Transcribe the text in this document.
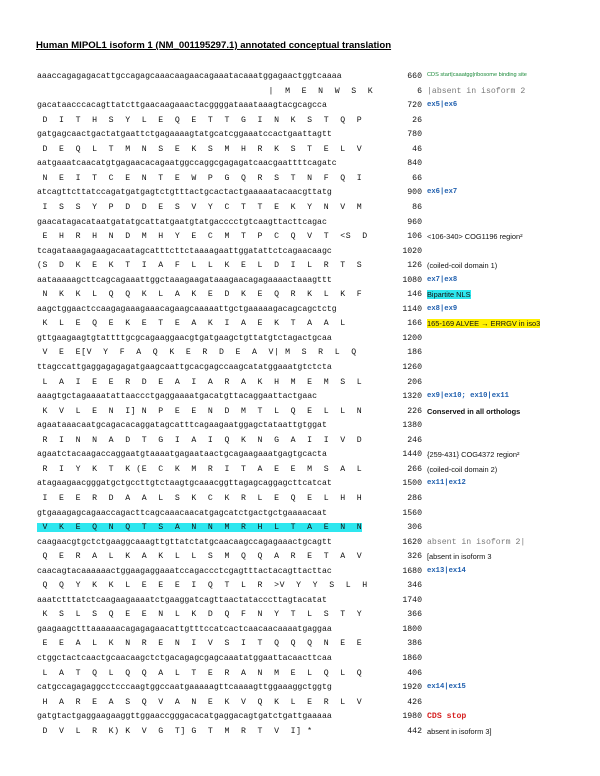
Human MIPOL1 isoform 1 (NM_001195297.1) annotated conceptual translation
aaaccagagagacattgccagagcaaacaagaacagaaatacaaatggagaactggtcaaaa	660 CDS start|caaatgg|ribosome binding site
|  M  E  N  W  S  K	6 |absent in isoform 2
gacataacccacagttatcttgaacaagaaactacggggataaataaagtacgcagcca	720 ex5|ex6
D  I  T  H  S  Y  L  E  Q  E  T  T  G  I  N  K  S  T  Q  P	26
gatgagcaactgactatgaattctgagaaaagtatgcatcggaaatccactgaattagtt	780
D  E  Q  L  T  M  N  S  E  K  S  M  H  R  K  S  T  E  L  V	46
aatgaaatcaacatgtgagaacacagaatggccaggcgagagatcaacgaattttcagatc	840
N  E  I  T  C  E  N  T  E  W  P  G  Q  R  S  T  N  F  Q  I	66
atcagttcttatccagatgatgagtctgtttactgcactactgaaaaatacaacgttatg	900 ex6|ex7
I  S  S  Y  P  D  D  E  S  V  Y  C  T  T  E  K  Y  N  V  M	86
gaacatagacataatgatatgcattatgaatgtatgacccctgtcaagttacttcagac	960
E  H  R  H  N  D  M  H  Y  E  C  M  T  P  C  Q  V  T  <S  D	106 <106-340> COG1196 region²
tcagataaagagaagacaatagcatttcttctaaaagaattggatattctcagaacaagc	1020
(S  D  K  E  K  T  I  A  F  L  L  K  E  L  D  I  L  R  T  S	126 (coiled-coil domain 1)
aataaaaagcttcagcagaaattggctaaagaagataaagaacagagaaaactaaagttt	1080 ex7|ex8
N  K  K  L  Q  Q  K  L  A  K  E  D  K  E  Q  R  K  L  K  F	146 Bipartite NLS
aagctggaactccaagagaaagaaacagaagcaaaaattgctgaaaaagacagcagctctg	1140 ex8|ex9
K  L  E  Q  E  K  E  T  E  A  K  I  A  E  K  T  A  A  L	166 165-169 ALVEE → ERRGV in iso3
gttgaagaagtgtattttgcgcagaaggaacgtgatgaagctgttatgtctagactgcaa	1200
V  E  E[V  Y  F  A  Q  K  E  R  D  E  A  V| M  S  R  L  Q	186
ttagccattgaggagagagatgaagcaattgcacgagccaagcatatggaaatgtctcta	1260
L  A  I  E  E  R  D  E  A  I  A  R  A  K  H  M  E  M  S  L	206
aaagtgctagaaaatattaaccctgaggaaaatgacatgttacaggaattactgaac	1320 ex9|ex10; ex10|ex11
K  V  L  E  N  I] N  P  E  E  N  D  M  T  L  Q  E  L  L  N	226 Conserved in all orthologs
agaataaacaatgcagacacaggatagcatttcagaagaatggagctataattgtggat	1380
R  I  N  N  A  D  T  G  I  A  I  Q  K  N  G  A  I  I  V  D	246
agaatctacaagaccaggaatgtaaaatgagaataactgcagaagaaatgagtgcacta	1440 {259-431} COG4372 region²
R  I  Y  K  T  K (E  C  K  M  R  I  T  A  E  E  M  S  A  L	266 (coiled-coil domain 2)
atagaagaacgggatgctgccttgtctaagtgcaaacggttagagcaggagcttcatcat	1500 ex11|ex12
I  E  E  R  D  A  A  L  S  K  C  K  R  L  E  Q  E  L  H  H	286
gtgaaagagcagaaccagacttcagcaaacaacatgagcatctgactgctgaaaacaat	1560
V  K  E  Q  N  Q  T  S  A  N  N  M  R  H  L  T  A  E  N  N	306
caagaacgtgctctgaaggcaaagttgttatctatgcaacaagccagagaaactgcagtt	1620 absent in isoform 2|
Q  E  R  A  L  K  A  K  L  L  S  M  Q  Q  A  R  E  T  A  V	326 [absent in isoform 3
caacagtacaaaaaactggaagaggaaatccagaccctcgagtttactacagttacttac	1680 ex13|ex14
Q  Q  Y  K  K  L  E  E  E  I  Q  T  L  R  >V  Y  Y  S  L  H	346
aaatctttatctcaagaagaaaatctgaaggatcagttaactatacccttagtacatat	1740
K  S  L  S  Q  E  E  N  L  K  D  Q  F  N  Y  T  L  S  T  Y	366
gaagaagctttaaaaaacagagagaacattgtttccatcactcaacaacaaaatgaggaa	1800
E  E  A  L  K  N  R  E  N  I  V  S  I  T  Q  Q  Q  N  E  E	386
ctggctactcaactgcaacaagctctgacagagcgagcaaatatggaattacaacttcaa	1860
L  A  T  Q  L  Q  Q  A  L  T  E  R  A  N  M  E  L  Q  L  Q	406
catgccagagaggcctcccaagtggccaatgaaaaagttcaaaagttggaaaggctggtg	1920 ex14|ex15
H  A  R  E  A  S  Q  V  A  N  E  K  V  Q  K  L  E  R  L  V	426
gatgtactgaggaagaaggttggaaccgggacacatgaggacagtgatctgattgaaaaa	1980 CDS stop
D  V  L  R  K) K  V  G  T] G  T  M  R  T  V  I] *	442 absent in isoform 3]
